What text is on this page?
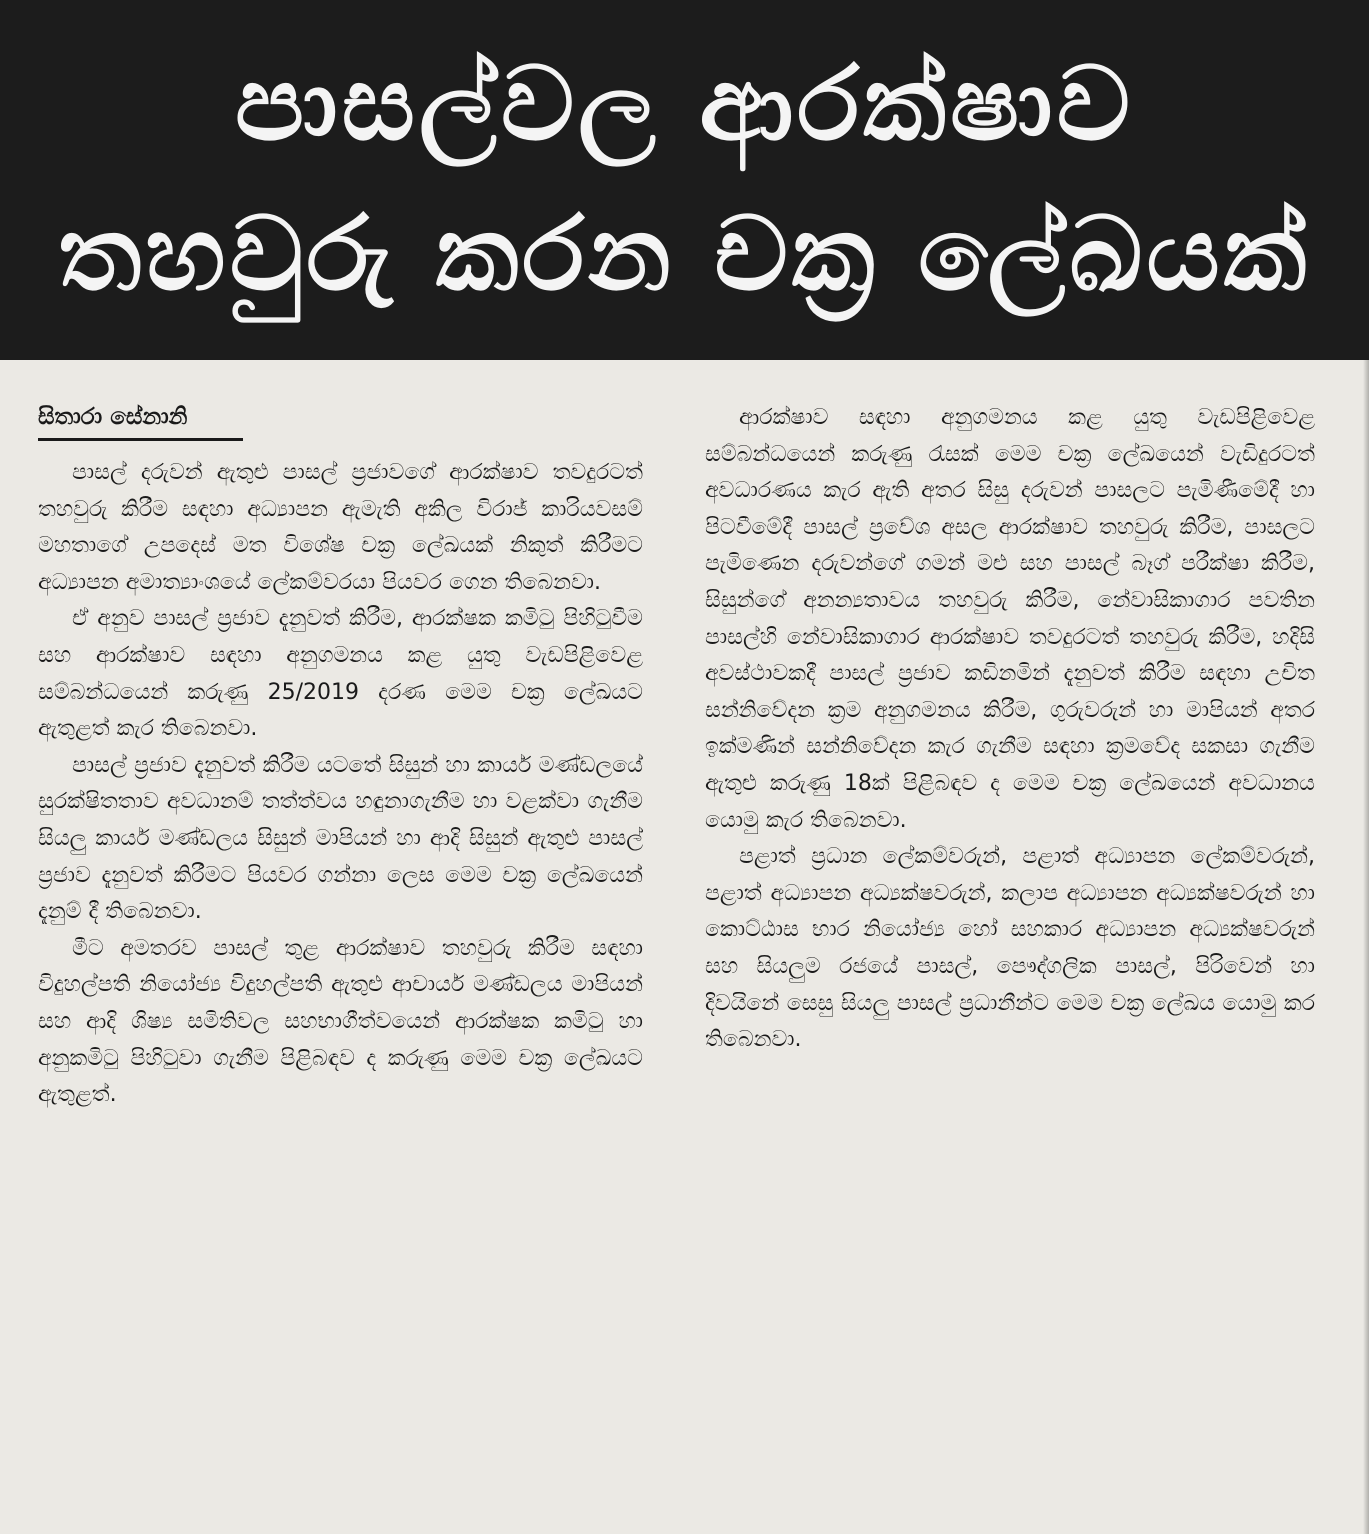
පාසල්වල ආරක්ෂාව
තහවුරු කරන චක්‍ර ලේඛයක්
සිතාරා සේනානි

පාසල් දරුවන් ඇතුළු පාසල් ප්‍රජාවගේ ආරක්ෂාව තවදුරටත් තහවුරු කිරීම සඳහා අධ්‍යාපන ඇමැති අකිල විරාජ් කාරියවසම් මහතාගේ උපදෙස් මත විශේෂ චක්‍ර ලේඛයක් නිකුත් කිරීමට අධ්‍යාපන අමාත්‍යාංශයේ ලේකම්වරයා පියවර ගෙන තිබෙනවා.

ඒ අනුව පාසල් ප්‍රජාව දැනුවත් කිරීම, ආරක්ෂක කමිටු පිහිටුවීම සහ ආරක්ෂාව සඳහා අනුගමනය කළ යුතු වැඩපිළිවෙළ සම්බන්ධයෙන් කරුණු 25/2019 දරණ මෙම චක්‍ර ලේඛයට ඇතුළත් කැර තිබෙනවා.

පාසල් ප්‍රජාව දැනුවත් කිරීම යටතේ සිසුන් හා කාර්ය මණ්ඩලයේ සුරක්ෂිතතාව අවධානම් තත්ත්වය හඳුනාගැනීම හා වළක්වා ගැනීම සියලු කාර්ය මණ්ඩලය සිසුන් මාපියන් හා ආදි සිසුන් ඇතුළු පාසල් ප්‍රජාව දැනුවත් කිරීමට පියවර ගන්නා ලෙස මෙම චක්‍ර ලේඛයෙන් දැනුම් දී තිබෙනවා.

මීට අමතරව පාසල් තුළ ආරක්ෂාව තහවුරු කිරීම සඳහා විදුහල්පති නියෝජ්‍ය විදුහල්පති ඇතුළු ආචාර්ය මණ්ඩලය මාපියන් සහ ආදි ශිෂ්‍ය සමිතිවල සහභාගීත්වයෙන් ආරක්ෂක කමිටු හා අනුකමිටු පිහිටුවා ගැනීම පිළිබඳව ද කරුණු මෙම චක්‍ර ලේඛයට ඇතුළත්.

ආරක්ෂාව සඳහා අනුගමනය කළ යුතු වැඩපිළිවෙළ සම්බන්ධයෙන් කරුණු රැසක් මෙම චක්‍ර ලේඛයෙන් වැඩිදුරටත් අවධාරණය කැර ඇති අතර සිසු දරුවන් පාසලට පැමිණීමේදී හා පිටවීමේදී පාසල් ප්‍රවේශ අසල ආරක්ෂාව තහවුරු කිරීම, පාසලට පැමිණෙන දරුවන්ගේ ගමන් මළු සහ පාසල් බෑග් පරීක්ෂා කිරීම, සිසුන්ගේ අනන්‍යතාවය තහවුරු කිරීම, නේවාසිකාගාර පවතින පාසල්හි නේවාසිකාගාර ආරක්ෂාව තවදුරටත් තහවුරු කිරීම, හදිසි අවස්ථාවකදී පාසල් ප්‍රජාව කඩිනමින් දැනුවත් කිරීම සඳහා උචිත සන්නිවේදන ක්‍රම අනුගමනය කිරීම, ගුරුවරුන් හා මාපියන් අතර ඉක්මණින් සන්නිවේදන කැර ගැනීම සඳහා ක්‍රමවේද සකසා ගැනීම ඇතුළු කරුණු 18ක් පිළිබඳව ද මෙම චක්‍ර ලේඛයෙන් අවධානය යොමු කැර තිබෙනවා.

පළාත් ප්‍රධාන ලේකම්වරුන්, පළාත් අධ්‍යාපන ලේකම්වරුන්, පළාත් අධ්‍යාපන අධ්‍යක්ෂවරුන්, කලාප අධ්‍යාපන අධ්‍යක්ෂවරුන් හා කොට්ඨාස භාර නියෝජ්‍ය හෝ සහකාර අධ්‍යාපන අධ්‍යක්ෂවරුන් සහ සියලුම රජයේ පාසල්, පෞද්ගලික පාසල්, පිරිවෙන් හා දිවයිනේ සෙසු සියලු පාසල් ප්‍රධානීන්ට මෙම චක්‍ර ලේඛය යොමු කර තිබෙනවා.
